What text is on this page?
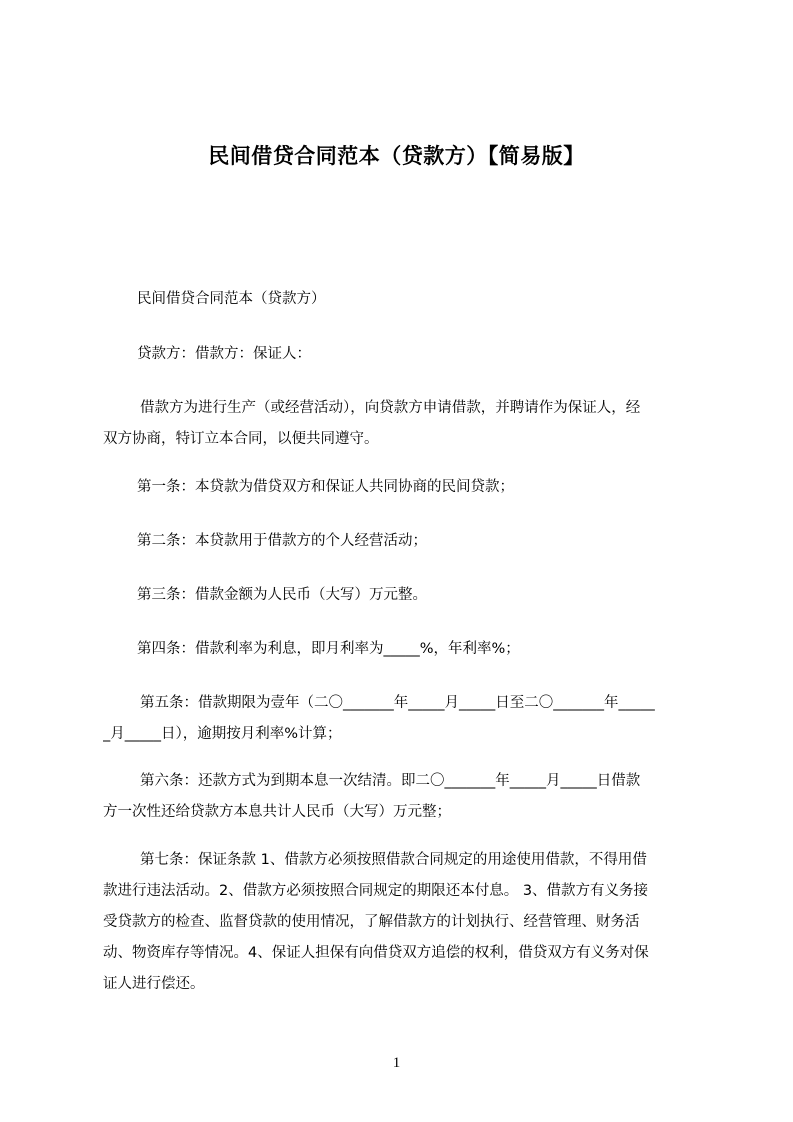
民间借贷合同范本（贷款方）【简易版】
民间借贷合同范本（贷款方）
贷款方：借款方：保证人：
借款方为进行生产（或经营活动），向贷款方申请借款，并聘请作为保证人，经
双方协商，特订立本合同，以便共同遵守。
第一条：本贷款为借贷双方和保证人共同协商的民间贷款；
第二条：本贷款用于借款方的个人经营活动；
第三条：借款金额为人民币（大写）万元整。
第四条：借款利率为利息，即月利率为_____%，年利率%；
第五条：借款期限为壹年（二〇_______年_____月_____日至二〇_______年_____
_月_____日），逾期按月利率%计算；
第六条：还款方式为到期本息一次结清。即二〇_______年_____月_____日借款
方一次性还给贷款方本息共计人民币（大写）万元整；
第七条：保证条款 1、借款方必须按照借款合同规定的用途使用借款，不得用借
款进行违法活动。2、借款方必须按照合同规定的期限还本付息。 3、借款方有义务接
受贷款方的检查、监督贷款的使用情况，了解借款方的计划执行、经营管理、财务活
动、物资库存等情况。4、保证人担保有向借贷双方追偿的权利，借贷双方有义务对保
证人进行偿还。
1
